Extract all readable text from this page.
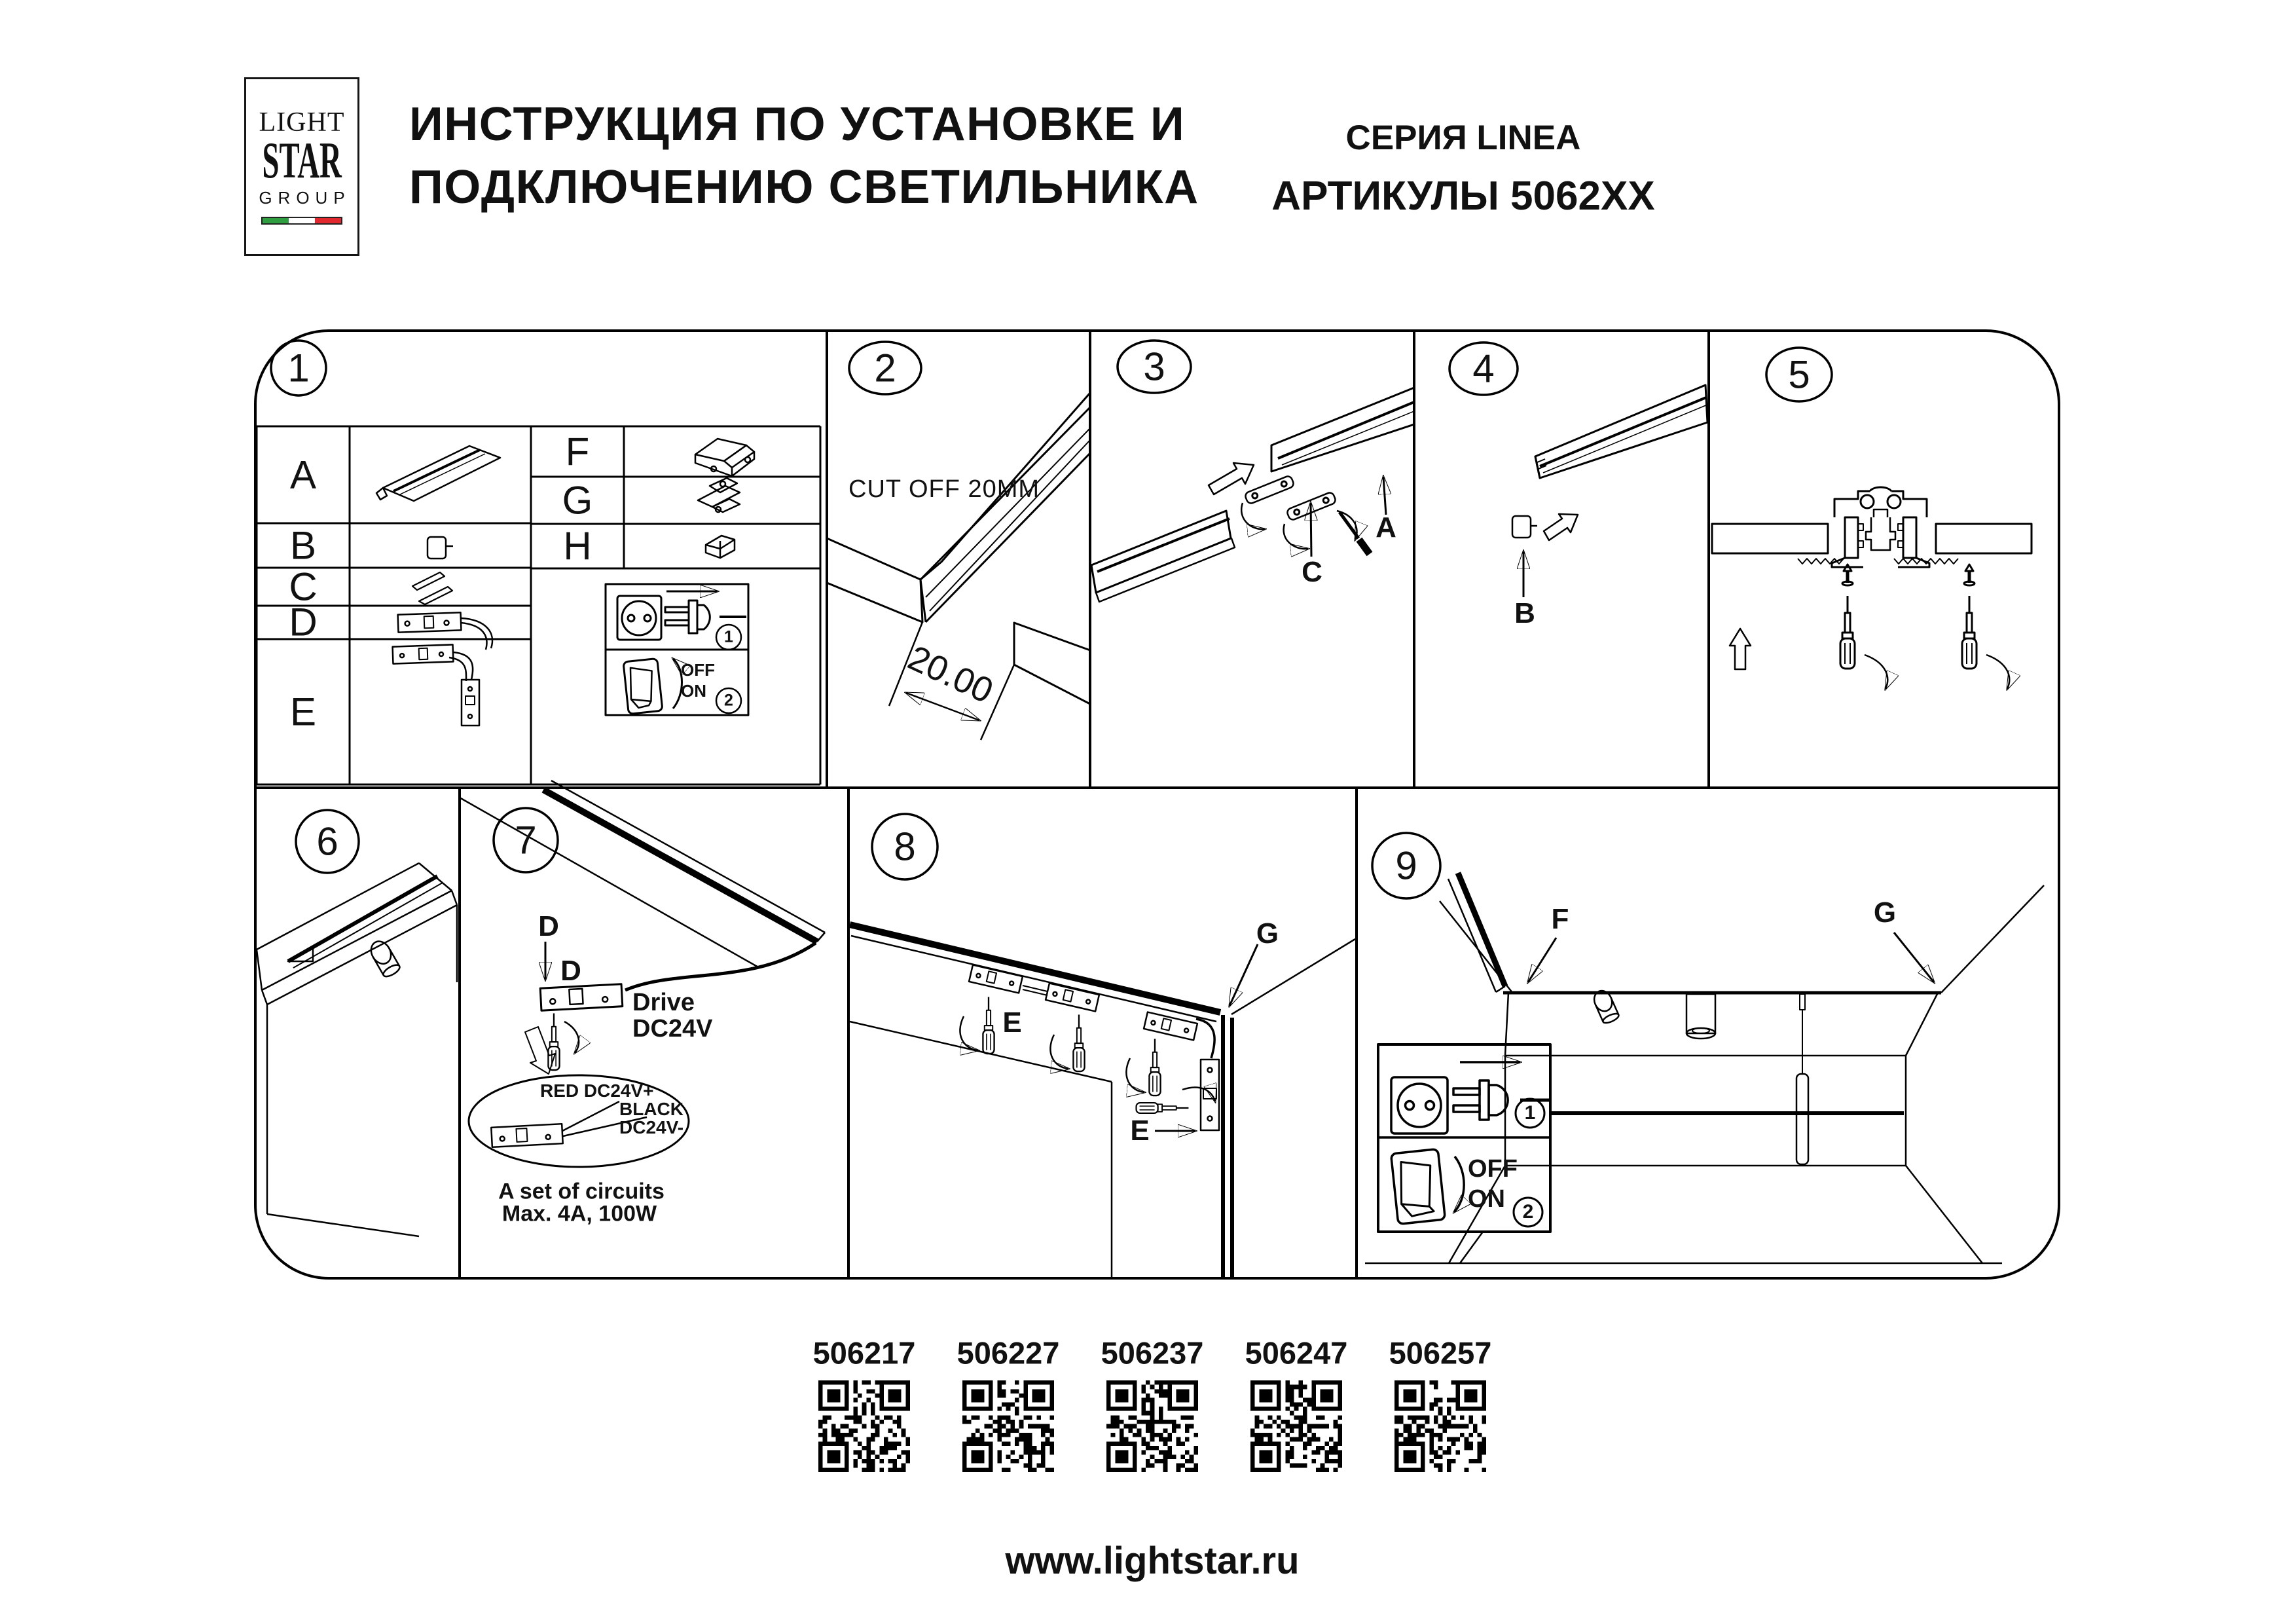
LIGHT
STAR
GROUP
ИНСТРУКЦИЯ ПО УСТАНОВКЕ И
ПОДКЛЮЧЕНИЮ СВЕТИЛЬНИКА
СЕРИЯ LINEA
АРТИКУЛЫ 5062XX
1	2	3	4	5
6	7	8	9
A
B
C
D
E
F
G
H
1
OFF
ON 2
CUT OFF 20MM
20.00
A
C
B
D
D
Drive
DC24V
RED DC24V+
BLACK
DC24V-
A set of circuits
Max. 4A, 100W
E
E
G	F	G
1
OFF
ON 2
506217 506227 506237 506247 506257
www.lightstar.ru
